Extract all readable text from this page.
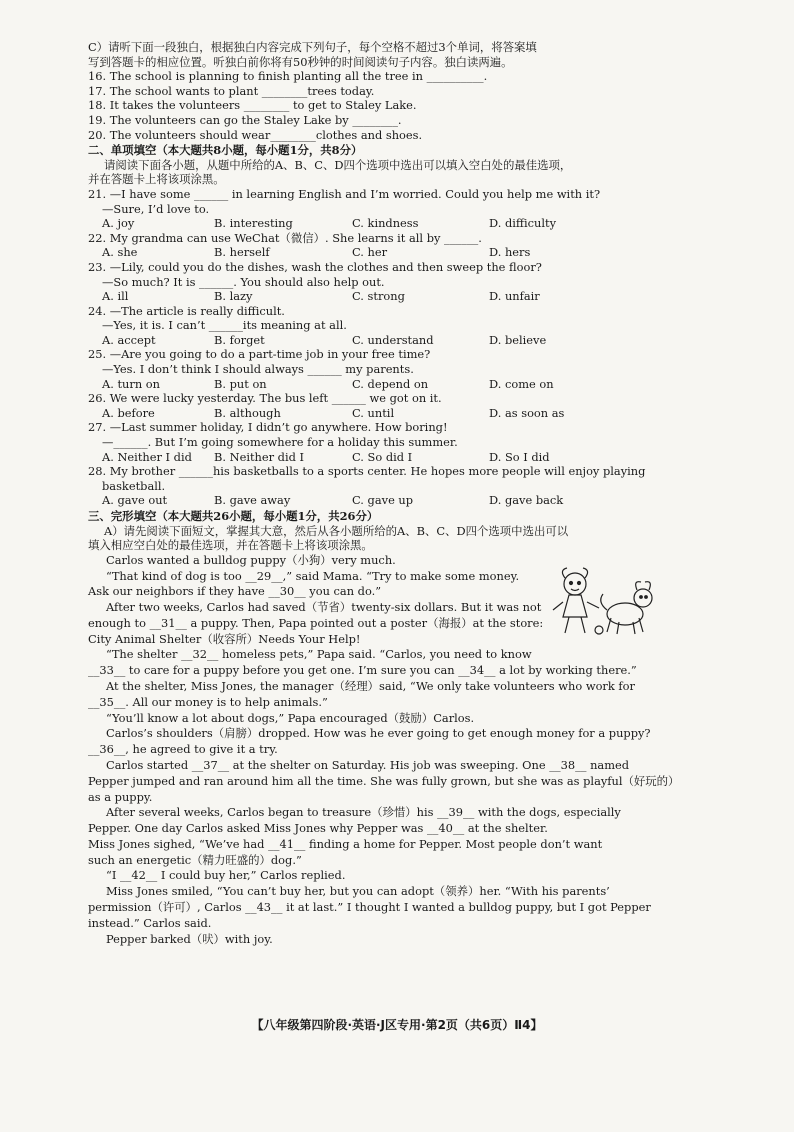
C）请听下面一段独白，根据独白内容完成下列句子，每个空格不超过3个单词，将答案填
写到答题卡的相应位置。听独白前你将有50秒钟的时间阅读句子内容。独白读两遍。
16. The school is planning to finish planting all the tree in __________.
17. The school wants to plant ________trees today.
18. It takes the volunteers ________ to get to Staley Lake.
19. The volunteers can go the Staley Lake by ________.
20. The volunteers should wear________clothes and shoes.
二、单项填空（本大题共8小题，每小题1分，共8分）
请阅读下面各小题，从题中所给的A、B、C、D四个选项中选出可以填入空白处的最佳选项，
并在答题卡上将该项涂黑。
21. —I have some ______ in learning English and I’m worried. Could you help me with it?
—Sure, I’d love to.
A. joy	B. interesting	C. kindness	D. difficulty
22. My grandma can use WeChat（微信）. She learns it all by ______.
A. she	B. herself	C. her	D. hers
23. —Lily, could you do the dishes, wash the clothes and then sweep the floor?
—So much? It is ______. You should also help out.
A. ill	B. lazy	C. strong	D. unfair
24. —The article is really difficult.
—Yes, it is. I can’t ______its meaning at all.
A. accept	B. forget	C. understand	D. believe
25. —Are you going to do a part-time job in your free time?
—Yes. I don’t think I should always ______ my parents.
A. turn on	B. put on	C. depend on	D. come on
26. We were lucky yesterday. The bus left ______ we got on it.
A. before	B. although	C. until	D. as soon as
27. —Last summer holiday, I didn’t go anywhere. How boring!
—______. But I’m going somewhere for a holiday this summer.
A. Neither I did	B. Neither did I	C. So did I	D. So I did
28. My brother ______his basketballs to a sports center. He hopes more people will enjoy playing
basketball.
A. gave out	B. gave away	C. gave up	D. gave back
三、完形填空（本大题共26小题，每小题1分，共26分）
A）请先阅读下面短文，掌握其大意，然后从各小题所给的A、B、C、D四个选项中选出可以
填入相应空白处的最佳选项，并在答题卡上将该项涂黑。

Carlos wanted a bulldog puppy（小狗）very much.

“That kind of dog is too __29__,” said Mama. “Try to make some money.

Ask our neighbors if they have __30__ you can do.”

After two weeks, Carlos had saved（节省）twenty-six dollars. But it was not

enough to __31__ a puppy. Then, Papa pointed out a poster（海报）at the store:

City Animal Shelter（收容所）Needs Your Help!

“The shelter __32__ homeless pets,” Papa said. “Carlos, you need to know

__33__ to care for a puppy before you get one. I’m sure you can __34__ a lot by working there.”

At the shelter, Miss Jones, the manager（经理）said, “We only take volunteers who work for

__35__. All our money is to help animals.”

“You’ll know a lot about dogs,” Papa encouraged（鼓励）Carlos.

Carlos’s shoulders（肩膀）dropped. How was he ever going to get enough money for a puppy?

__36__, he agreed to give it a try.

Carlos started __37__ at the shelter on Saturday. His job was sweeping. One __38__ named

Pepper jumped and ran around him all the time. She was fully grown, but she was as playful（好玩的）

as a puppy.

After several weeks, Carlos began to treasure（珍惜）his __39__ with the dogs, especially

Pepper. One day Carlos asked Miss Jones why Pepper was __40__ at the shelter.

Miss Jones sighed, “We’ve had __41__ finding a home for Pepper. Most people don’t want

such an energetic（精力旺盛的）dog.”

“I __42__ I could buy her,” Carlos replied.

Miss Jones smiled, “You can’t buy her, but you can adopt（领养）her. “With his parents’

permission（许可）, Carlos __43__ it at last.” I thought I wanted a bulldog puppy, but I got Pepper

instead.” Carlos said.

Pepper barked（吠）with joy.

【八年级第四阶段·英语·J区专用·第2页（共6页）Ⅱ4】
